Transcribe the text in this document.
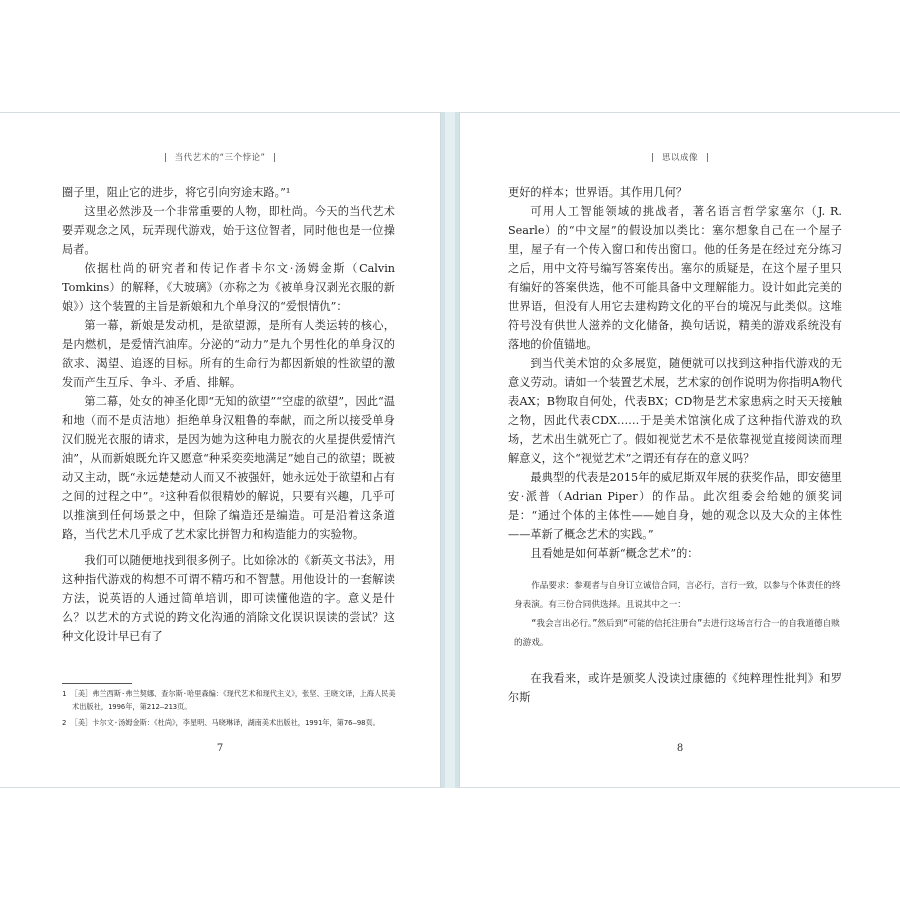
当代艺术的“三个悖论”

圈子里，阻止它的进步，将它引向穷途末路。”¹

这里必然涉及一个非常重要的人物，即杜尚。今天的当代艺术要弄观念之风，玩弄现代游戏，始于这位智者，同时他也是一位操局者。

依据杜尚的研究者和传记作者卡尔文·汤姆金斯（Calvin Tomkins）的解释，《大玻璃》（亦称之为《被单身汉剥光衣服的新娘》）这个装置的主旨是新娘和九个单身汉的“爱恨情仇”：

第一幕，新娘是发动机，是欲望源，是所有人类运转的核心，是内燃机，是爱情汽油库。分泌的“动力”是九个男性化的单身汉的欲求、渴望、追逐的目标。所有的生命行为都因新娘的性欲望的激发而产生互斥、争斗、矛盾、排解。

第二幕，处女的神圣化即“无知的欲望”“空虚的欲望”，因此“温和地（而不是贞洁地）拒绝单身汉粗鲁的奉献，而之所以接受单身汉们脱光衣服的请求，是因为她为这种电力脱衣的火星提供爱情汽油”，从而新娘既允许又愿意“种采奕奕地满足”她自己的欲望；既被动又主动，既“永远楚楚动人而又不被强奸，她永远处于欲望和占有之间的过程之中”。²这种看似很精妙的解说，只要有兴趣，几乎可以推演到任何场景之中，但除了编造还是编造。可是沿着这条道路，当代艺术几乎成了艺术家比拼智力和构造能力的实验物。

我们可以随便地找到很多例子。比如徐冰的《新英文书法》，用这种指代游戏的构想不可谓不精巧和不智慧。用他设计的一套解读方法，说英语的人通过简单培训，即可读懂他造的字。意义是什么？以艺术的方式说的跨文化沟通的消除文化误识误读的尝试？这种文化设计早已有了

1 ［美］弗兰西斯·弗兰契娜、查尔斯·哈里森编：《现代艺术和现代主义》，张坚、王晓文译，上海人民美术出版社，1996年，第212—213页。

2 ［美］卡尔文·汤姆金斯：《杜尚》，李星明、马晓琳译，湖南美术出版社，1991年，第76—98页。

7
思以成像

更好的样本；世界语。其作用几何？

可用人工智能领域的挑战者，著名语言哲学家塞尔（J. R. Searle）的“中文屋”的假设加以类比：塞尔想象自己在一个屋子里，屋子有一个传入窗口和传出窗口。他的任务是在经过充分练习之后，用中文符号编写答案传出。塞尔的质疑是，在这个屋子里只有编好的答案供选，他不可能具备中文理解能力。设计如此完美的世界语，但没有人用它去建构跨文化的平台的境况与此类似。这堆符号没有供世人滋养的文化储备，换句话说，精美的游戏系统没有落地的价值锚地。

到当代美术馆的众多展览，随便就可以找到这种指代游戏的无意义劳动。请如一个装置艺术展，艺术家的创作说明为你指明A物代表AX；B物取自何处，代表BX；CD物是艺术家患病之时天天接触之物，因此代表CDX……于是美术馆演化成了这种指代游戏的玖场，艺术出生就死亡了。假如视觉艺术不是依靠视觉直接阅读而理解意义，这个“视觉艺术”之谓还有存在的意义吗？

最典型的代表是2015年的威尼斯双年展的获奖作品，即安德里安·派普（Adrian Piper）的作品。此次组委会给她的颁奖词是：“通过个体的主体性——她自身，她的观念以及大众的主体性——革新了概念艺术的实践。”

且看她是如何革新“概念艺术”的：

作品要求：参观者与自身订立诚信合同，言必行，言行一致，以参与个体责任的终身表演。有三份合同供选择。且说其中之一：

“我会言出必行。”然后到“可能的信托注册台”去进行这场言行合一的自我道德自赎的游戏。

在我看来，或许是颁奖人没读过康德的《纯粹理性批判》和罗尔斯

8
